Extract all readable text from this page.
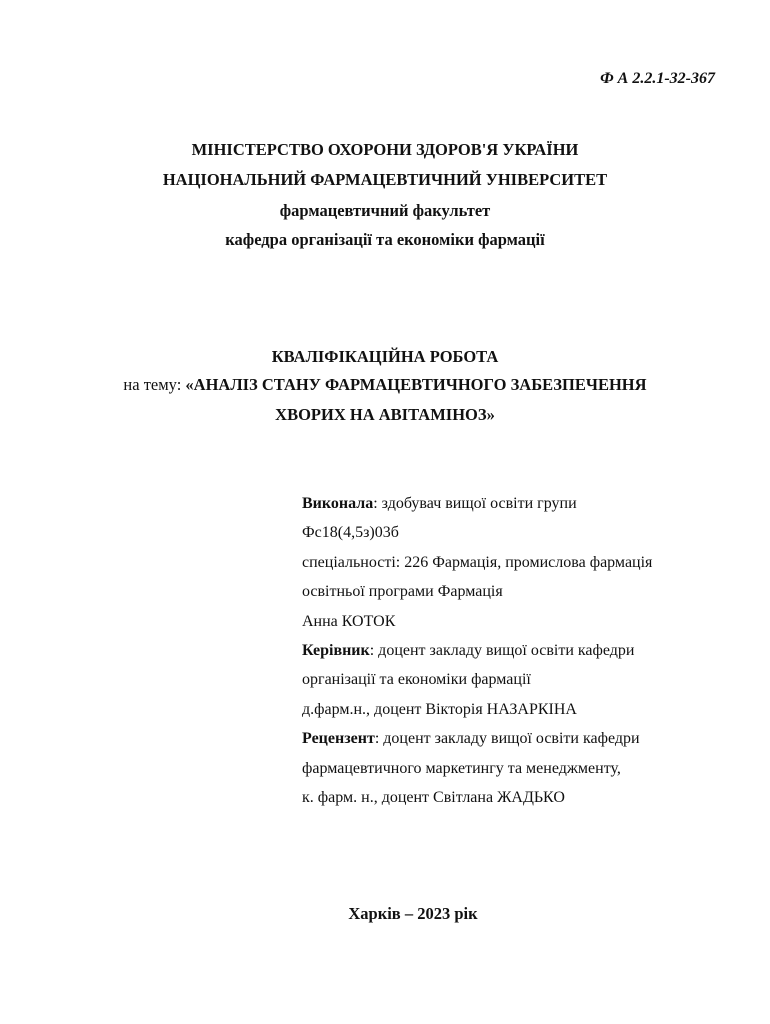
Ф А 2.2.1-32-367
МІНІСТЕРСТВО ОХОРОНИ ЗДОРОВ'Я УКРАЇНИ
НАЦІОНАЛЬНИЙ ФАРМАЦЕВТИЧНИЙ УНІВЕРСИТЕТ
фармацевтичний факультет
кафедра організації та економіки фармації
КВАЛІФІКАЦІЙНА РОБОТА
на тему: «АНАЛІЗ СТАНУ ФАРМАЦЕВТИЧНОГО ЗАБЕЗПЕЧЕННЯ
ХВОРИХ НА АВІТАМІНОЗ»
Виконала: здобувач вищої освіти групи
Фс18(4,5з)03б
спеціальності: 226 Фармація, промислова фармація
освітньої програми Фармація
Анна КОТОК
Керівник: доцент закладу вищої освіти кафедри
організації та економіки фармації
д.фарм.н., доцент Вікторія НАЗАРКІНА
Рецензент: доцент закладу вищої освіти кафедри
фармацевтичного маркетингу та менеджменту,
к. фарм. н., доцент Світлана ЖАДЬКО
Харків – 2023 рік
